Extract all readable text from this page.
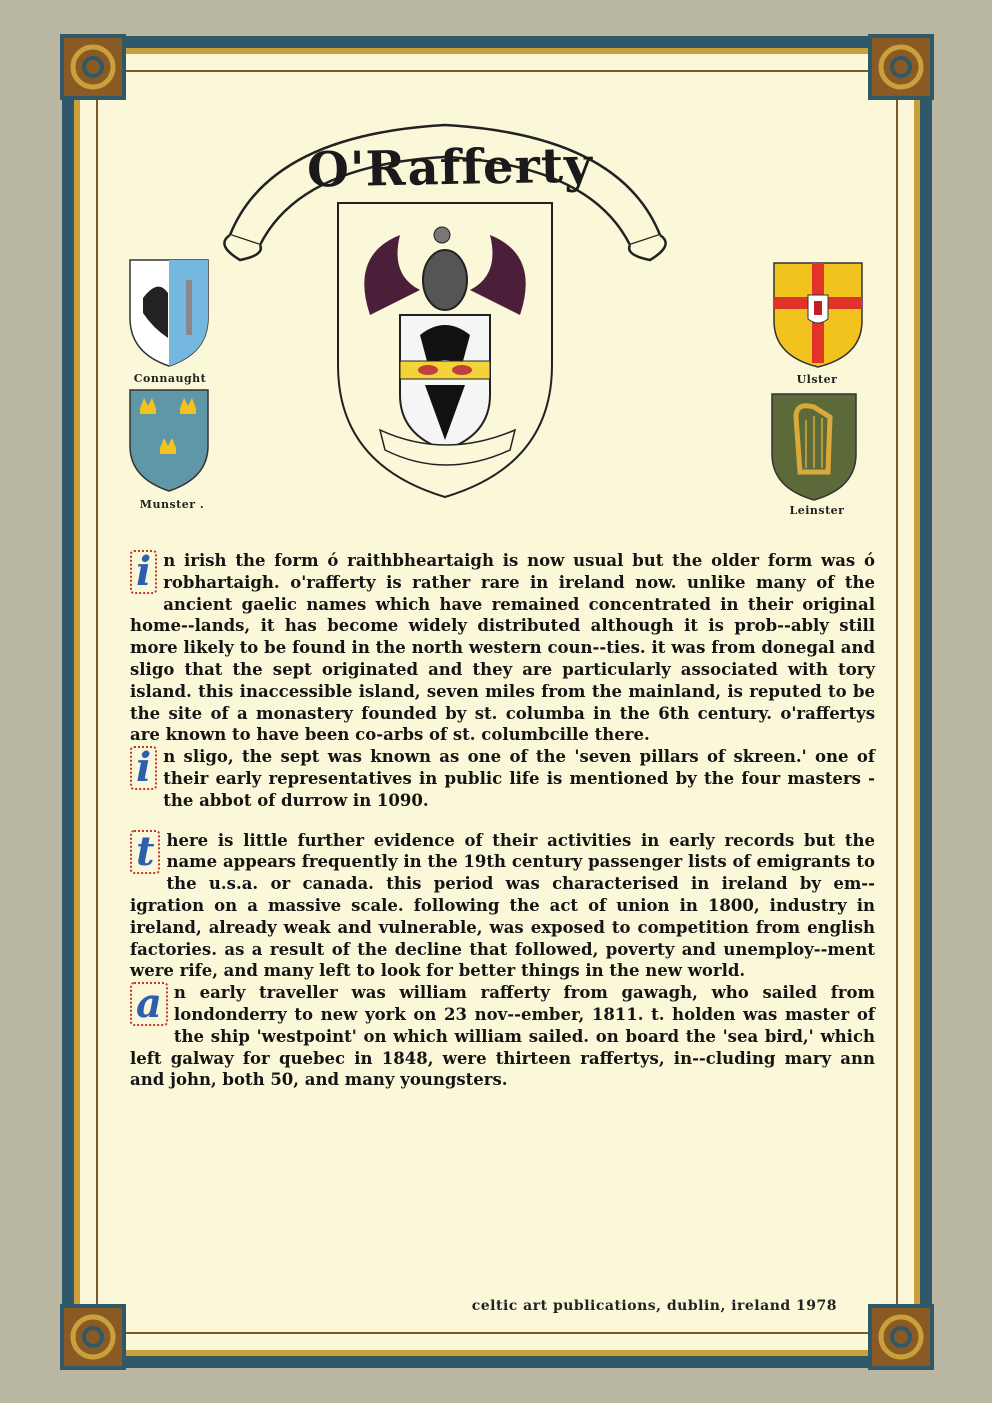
O'Rafferty
Connaught
Munster .
Ulster
Leinster

i n irish the form ó raithbheartaigh is now usual but the older form was ó robhartaigh. o'rafferty is rather rare in ireland now. unlike many of the ancient gaelic names which have remained concentrated in their original home--lands, it has become widely distributed although it is prob--ably still more likely to be found in the north western coun--ties. it was from donegal and sligo that the sept originated and they are particularly associated with tory island. this inaccessible island, seven miles from the mainland, is reputed to be the site of a monastery founded by st. columba in the 6th century. o'raffertys are known to have been co-arbs of st. columbcille there.

i n sligo, the sept was known as one of the 'seven pillars of skreen.' one of their early representatives in public life is mentioned by the four masters - the abbot of durrow in 1090.

t here is little further evidence of their activities in early records but the name appears frequently in the 19th century passenger lists of emigrants to the u.s.a. or canada. this period was characterised in ireland by em--igration on a massive scale. following the act of union in 1800, industry in ireland, already weak and vulnerable, was exposed to competition from english factories. as a result of the decline that followed, poverty and unemploy--ment were rife, and many left to look for better things in the new world.

a n early traveller was william rafferty from gawagh, who sailed from londonderry to new york on 23 nov--ember, 1811. t. holden was master of the ship 'westpoint' on which william sailed. on board the 'sea bird,' which left galway for quebec in 1848, were thirteen raffertys, in--cluding mary ann and john, both 50, and many youngsters.

celtic art publications, dublin, ireland 1978
